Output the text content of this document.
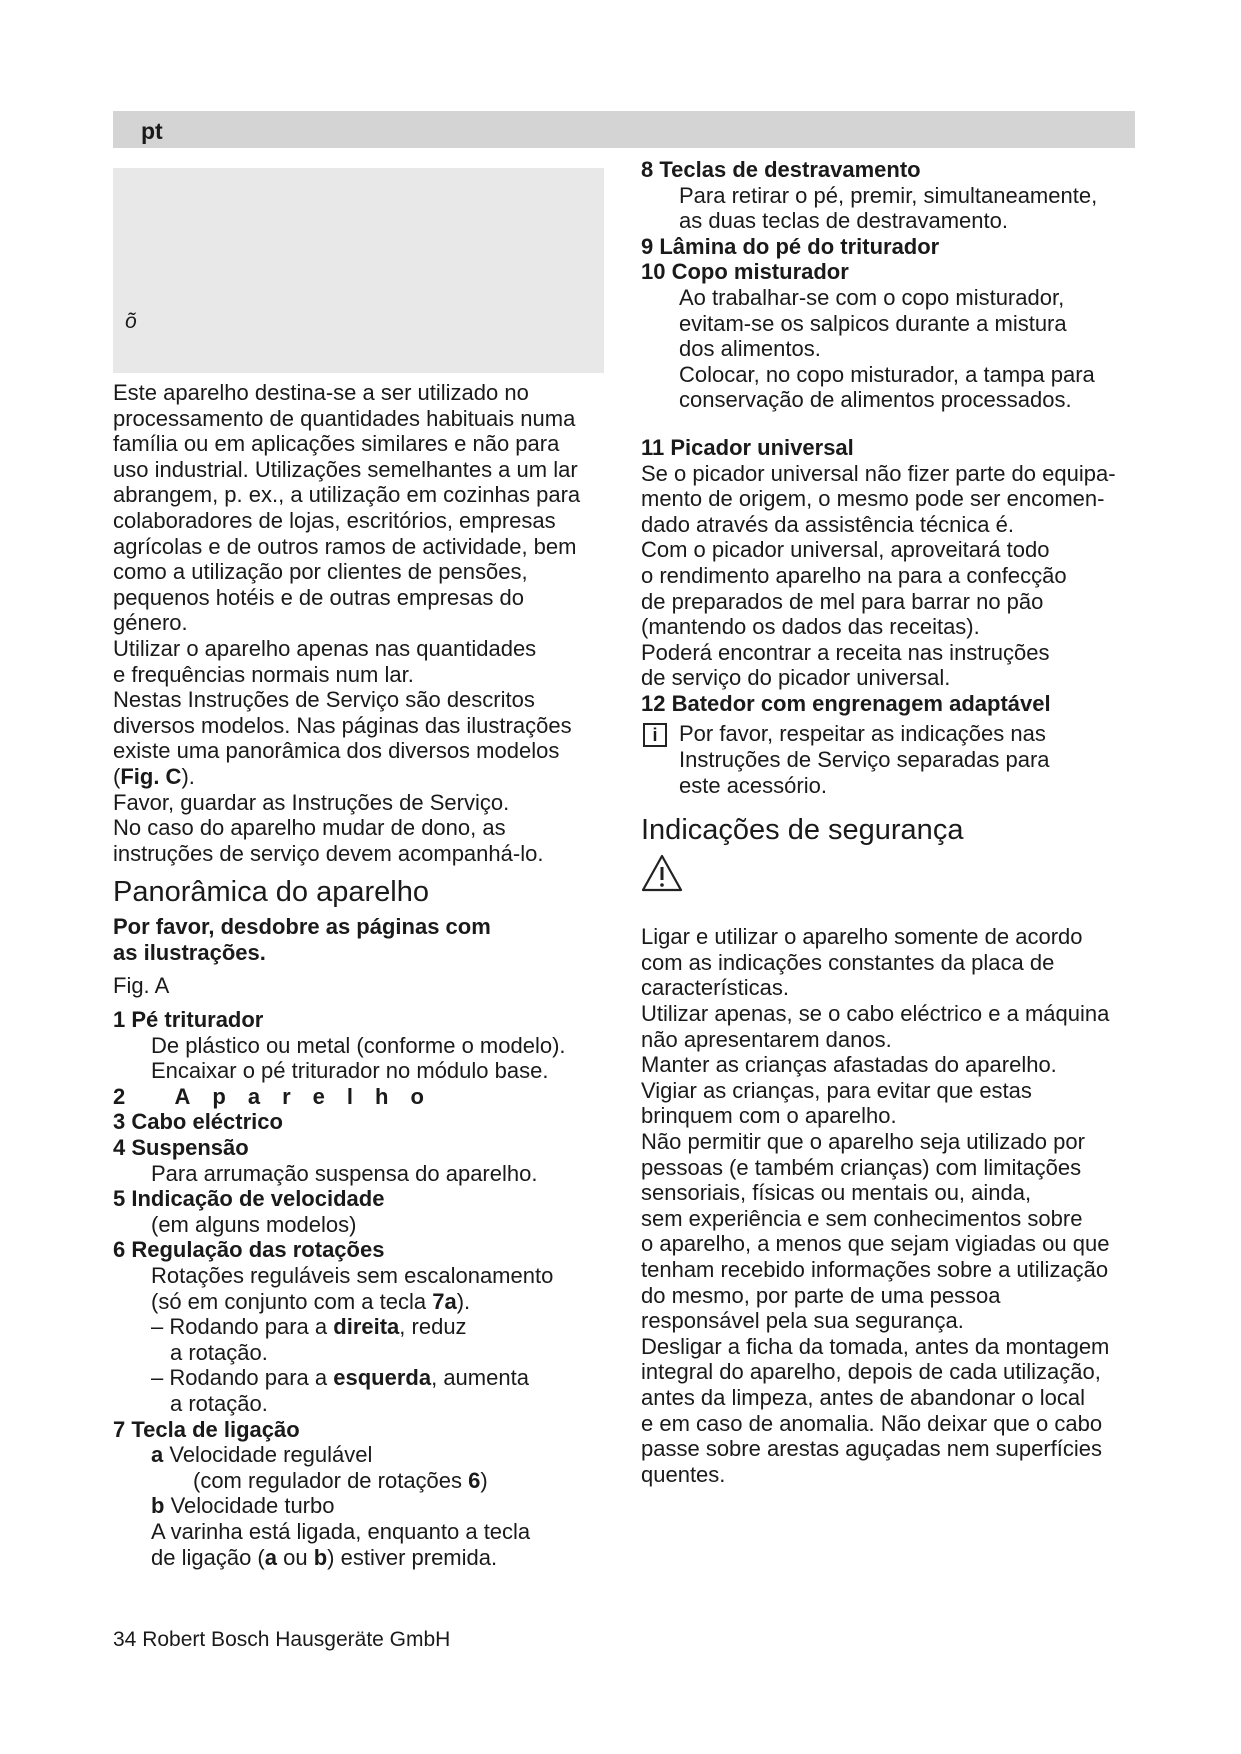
pt
õ

Este aparelho destina-se a ser utilizado no

processamento de quantidades habituais numa

família ou em aplicações similares e não para

uso industrial. Utilizações semelhantes a um lar

abrangem, p. ex., a utilização em cozinhas para

colaboradores de lojas, escritórios, empresas

agrícolas e de outros ramos de actividade, bem

como a utilização por clientes de pensões,

pequenos hotéis e de outras empresas do

género.

Utilizar o aparelho apenas nas quantidades

e frequências normais num lar.

Nestas Instruções de Serviço são descritos

diversos modelos. Nas páginas das ilustrações

existe uma panorâmica dos diversos modelos

(Fig. C).

Favor, guardar as Instruções de Serviço.

No caso do aparelho mudar de dono, as

instruções de serviço devem acompanhá-lo.

Panorâmica do aparelho

Por favor, desdobre as páginas com

as ilustrações.

Fig. A

1 Pé triturador

De plástico ou metal (conforme o modelo).

Encaixar o pé triturador no módulo base.

2 Aparelho

3 Cabo eléctrico

4 Suspensão

Para arrumação suspensa do aparelho.

5 Indicação de velocidade

(em alguns modelos)

6 Regulação das rotações

Rotações reguláveis sem escalonamento

(só em conjunto com a tecla 7a).

– Rodando para a direita, reduz

a rotação.

– Rodando para a esquerda, aumenta

a rotação.

7 Tecla de ligação

a Velocidade regulável

(com regulador de rotações 6)

b Velocidade turbo

A varinha está ligada, enquanto a tecla

de ligação (a ou b) estiver premida.

8 Teclas de destravamento

Para retirar o pé, premir, simultaneamente,

as duas teclas de destravamento.

9 Lâmina do pé do triturador

10 Copo misturador

Ao trabalhar-se com o copo misturador,

evitam-se os salpicos durante a mistura

dos alimentos.

Colocar, no copo misturador, a tampa para

conservação de alimentos processados.

11 Picador universal

Se o picador universal não fizer parte do equipa-

mento de origem, o mesmo pode ser encomen-

dado através da assistência técnica é.

Com o picador universal, aproveitará todo

o rendimento aparelho na para a confecção

de preparados de mel para barrar no pão

(mantendo os dados das receitas).

Poderá encontrar a receita nas instruções

de serviço do picador universal.

12 Batedor com engrenagem adaptável

i Por favor, respeitar as indicações nas

Instruções de Serviço separadas para

este acessório.

Indicações de segurança

Ligar e utilizar o aparelho somente de acordo

com as indicações constantes da placa de

características.

Utilizar apenas, se o cabo eléctrico e a máquina

não apresentarem danos.

Manter as crianças afastadas do aparelho.

Vigiar as crianças, para evitar que estas

brinquem com o aparelho.

Não permitir que o aparelho seja utilizado por

pessoas (e também crianças) com limitações

sensoriais, físicas ou mentais ou, ainda,

sem experiência e sem conhecimentos sobre

o aparelho, a menos que sejam vigiadas ou que

tenham recebido informações sobre a utilização

do mesmo, por parte de uma pessoa

responsável pela sua segurança.

Desligar a ficha da tomada, antes da montagem

integral do aparelho, depois de cada utilização,

antes da limpeza, antes de abandonar o local

e em caso de anomalia. Não deixar que o cabo

passe sobre arestas aguçadas nem superfícies

quentes.

34 Robert Bosch Hausgeräte GmbH
